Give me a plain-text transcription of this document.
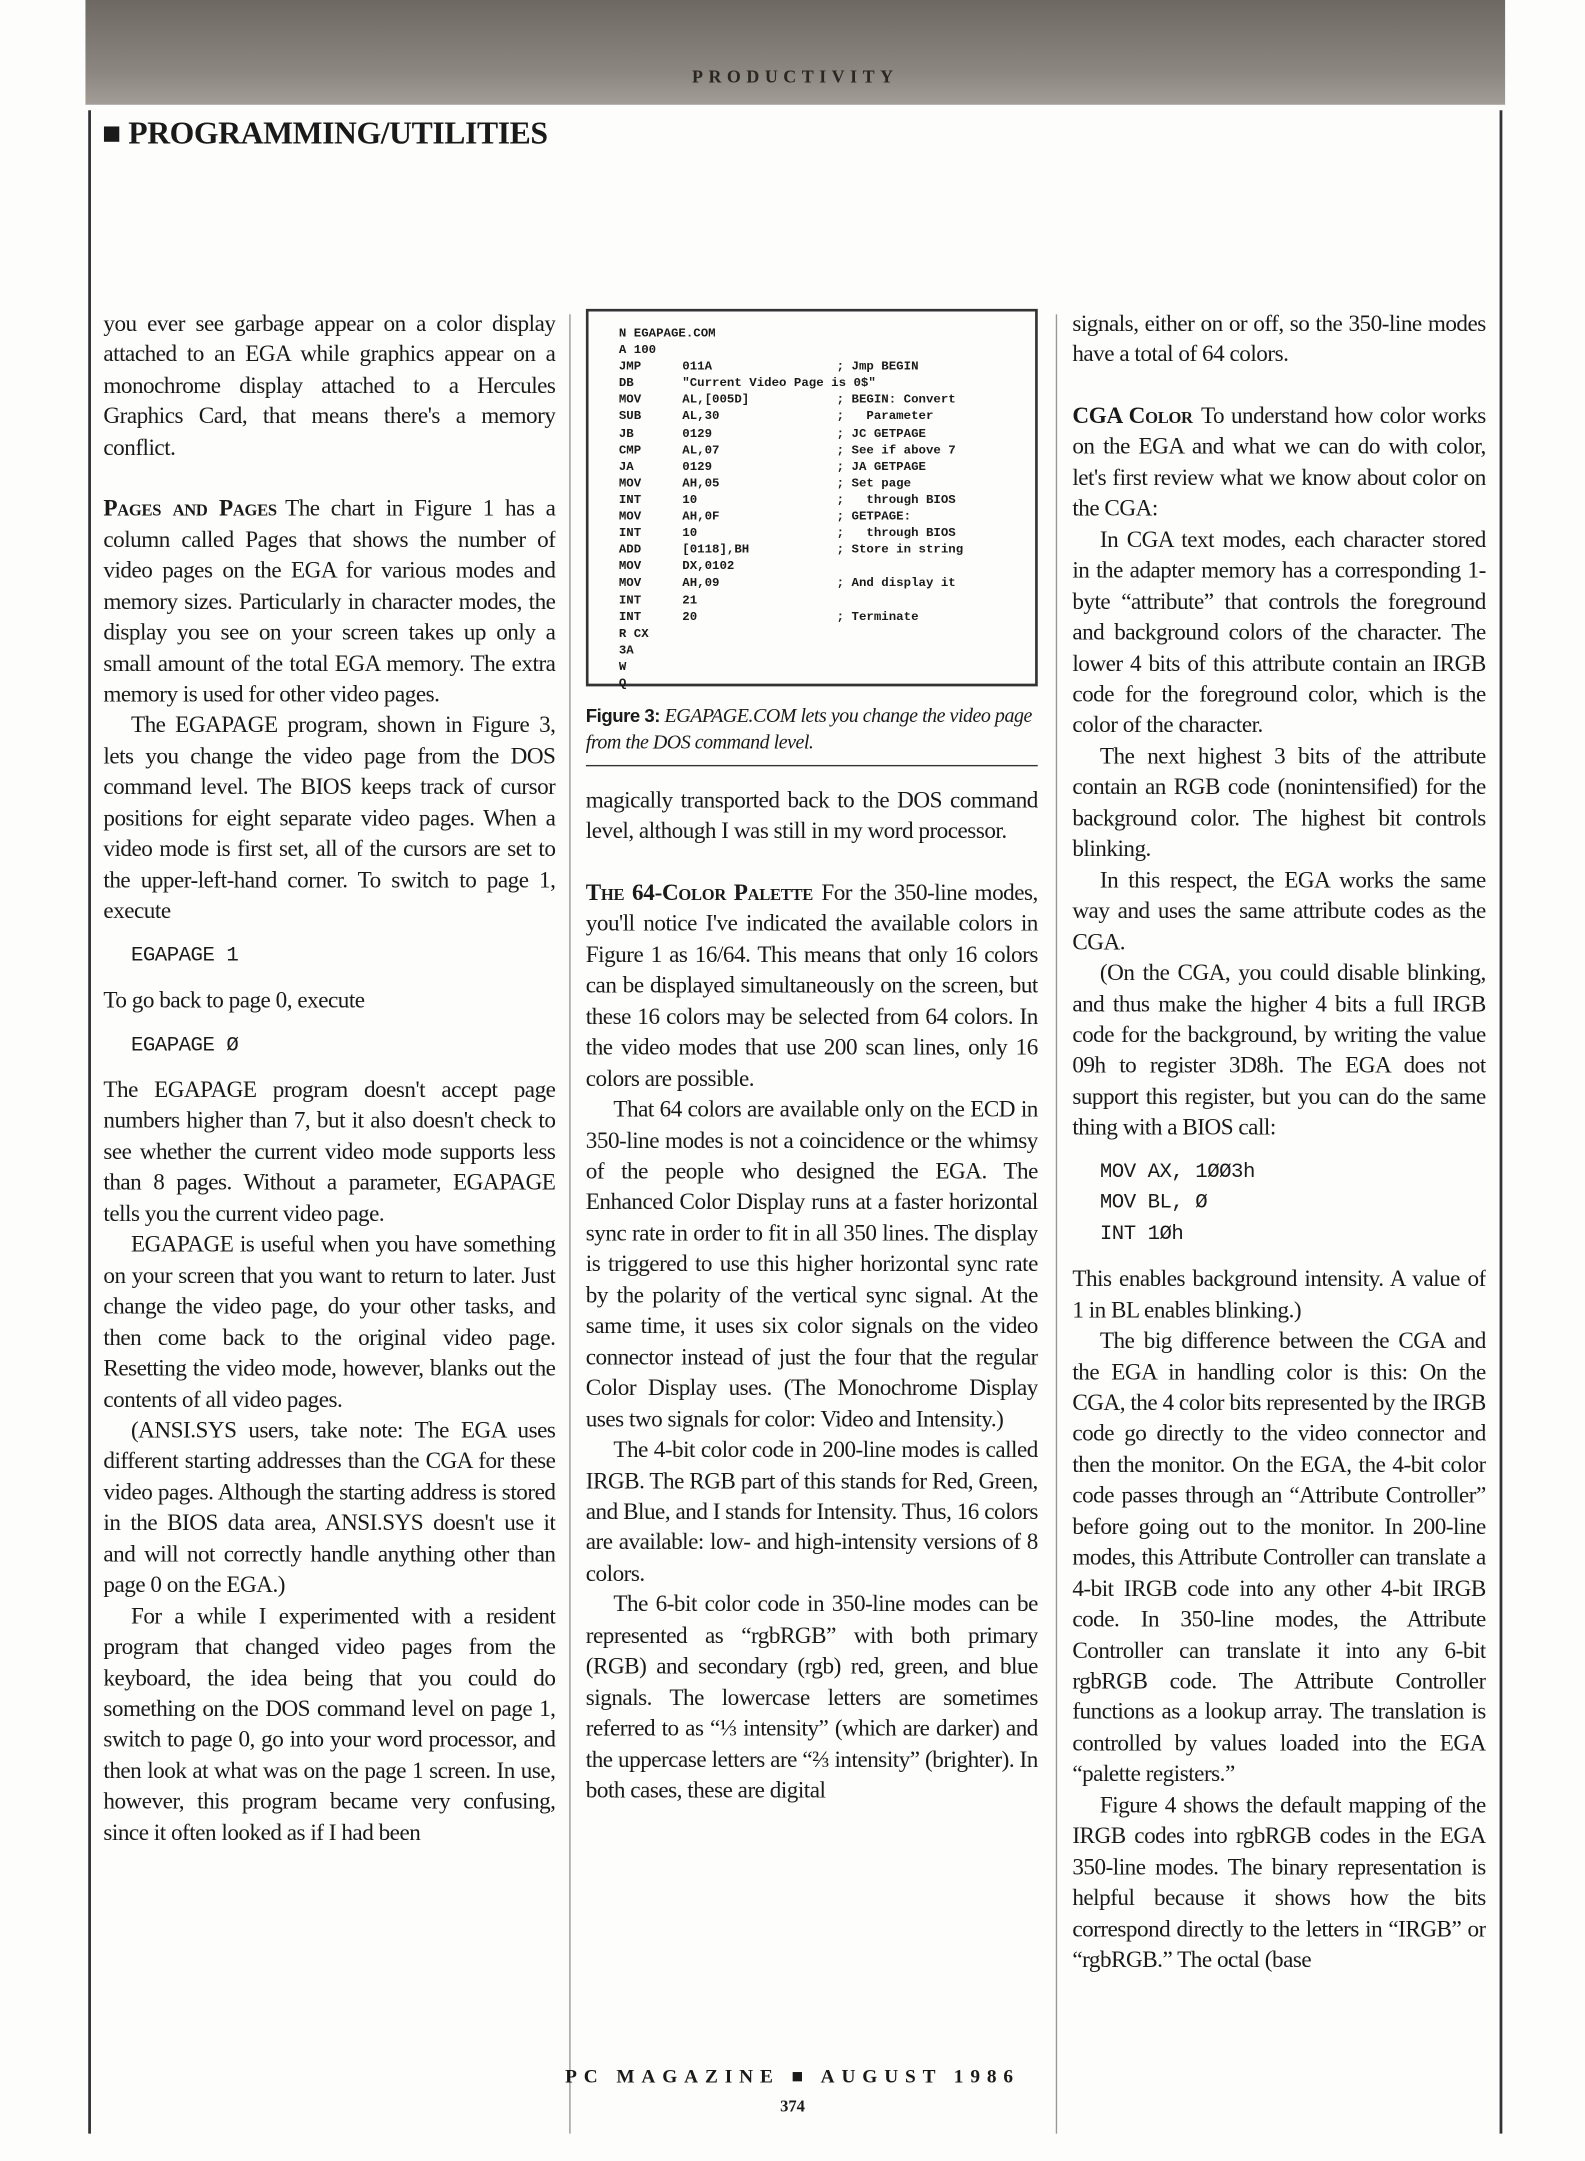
PRODUCTIVITY
■ PROGRAMMING/UTILITIES

you ever see garbage appear on a color display attached to an EGA while graphics appear on a monochrome display attached to a Hercules Graphics Card, that means there's a memory conflict.

Pages and Pages The chart in Figure 1 has a column called Pages that shows the number of video pages on the EGA for various modes and memory sizes. Particularly in character modes, the display you see on your screen takes up only a small amount of the total EGA memory. The extra memory is used for other video pages.

The EGAPAGE program, shown in Figure 3, lets you change the video page from the DOS command level. The BIOS keeps track of cursor positions for eight separate video pages. When a video mode is first set, all of the cursors are set to the upper-left-hand corner. To switch to page 1, execute

EGAPAGE 1

To go back to page 0, execute

EGAPAGE Ø

The EGAPAGE program doesn't accept page numbers higher than 7, but it also doesn't check to see whether the current video mode supports less than 8 pages. Without a parameter, EGAPAGE tells you the current video page.

EGAPAGE is useful when you have something on your screen that you want to return to later. Just change the video page, do your other tasks, and then come back to the original video page. Resetting the video mode, however, blanks out the contents of all video pages.

(ANSI.SYS users, take note: The EGA uses different starting addresses than the CGA for these video pages. Although the starting address is stored in the BIOS data area, ANSI.SYS doesn't use it and will not correctly handle anything other than page 0 on the EGA.)

For a while I experimented with a resident program that changed video pages from the keyboard, the idea being that you could do something on the DOS command level on page 1, switch to page 0, go into your word processor, and then look at what was on the page 1 screen. In use, however, this program became very confusing, since it often looked as if I had been

N EGAPAGE.COM
A 100
JMP	011A	; Jmp BEGIN
DB	"Current Video Page is 0$"
MOV	AL,[005D]	; BEGIN: Convert
SUB	AL,30	;   Parameter
JB	0129	; JC GETPAGE
CMP	AL,07	; See if above 7
JA	0129	; JA GETPAGE
MOV	AH,05	; Set page
INT	10	;   through BIOS
MOV	AH,0F	; GETPAGE:
INT	10	;   through BIOS
ADD	[0118],BH	; Store in string
MOV	DX,0102
MOV	AH,09	; And display it
INT	21
INT	20	; Terminate
R CX
3A
W
Q
Figure 3: EGAPAGE.COM lets you change the video page from the DOS command level.

magically transported back to the DOS command level, although I was still in my word processor.

The 64-Color Palette For the 350-line modes, you'll notice I've indicated the available colors in Figure 1 as 16/64. This means that only 16 colors can be displayed simultaneously on the screen, but these 16 colors may be selected from 64 colors. In the video modes that use 200 scan lines, only 16 colors are possible.

That 64 colors are available only on the ECD in 350-line modes is not a coincidence or the whimsy of the people who designed the EGA. The Enhanced Color Display runs at a faster horizontal sync rate in order to fit in all 350 lines. The display is triggered to use this higher horizontal sync rate by the polarity of the vertical sync signal. At the same time, it uses six color signals on the video connector instead of just the four that the regular Color Display uses. (The Monochrome Display uses two signals for color: Video and Intensity.)

The 4-bit color code in 200-line modes is called IRGB. The RGB part of this stands for Red, Green, and Blue, and I stands for Intensity. Thus, 16 colors are available: low- and high-intensity versions of 8 colors.

The 6-bit color code in 350-line modes can be represented as “rgbRGB” with both primary (RGB) and secondary (rgb) red, green, and blue signals. The lowercase letters are sometimes referred to as “⅓ intensity” (which are darker) and the uppercase letters are “⅔ intensity” (brighter). In both cases, these are digital

signals, either on or off, so the 350-line modes have a total of 64 colors.

CGA Color To understand how color works on the EGA and what we can do with color, let's first review what we know about color on the CGA:

In CGA text modes, each character stored in the adapter memory has a corresponding 1-byte “attribute” that controls the foreground and background colors of the character. The lower 4 bits of this attribute contain an IRGB code for the foreground color, which is the color of the character.

The next highest 3 bits of the attribute contain an RGB code (nonintensified) for the background color. The highest bit controls blinking.

In this respect, the EGA works the same way and uses the same attribute codes as the CGA.

(On the CGA, you could disable blinking, and thus make the higher 4 bits a full IRGB code for the background, by writing the value 09h to register 3D8h. The EGA does not support this register, but you can do the same thing with a BIOS call:

MOV AX, 1ØØ3h
MOV BL, Ø
INT 1Øh

This enables background intensity. A value of 1 in BL enables blinking.)

The big difference between the CGA and the EGA in handling color is this: On the CGA, the 4 color bits represented by the IRGB code go directly to the video connector and then the monitor. On the EGA, the 4-bit color code passes through an “Attribute Controller” before going out to the monitor. In 200-line modes, this Attribute Controller can translate a 4-bit IRGB code into any other 4-bit IRGB code. In 350-line modes, the Attribute Controller can translate it into any 6-bit rgbRGB code. The Attribute Controller functions as a lookup array. The translation is controlled by values loaded into the EGA “palette registers.”

Figure 4 shows the default mapping of the IRGB codes into rgbRGB codes in the EGA 350-line modes. The binary representation is helpful because it shows how the bits correspond directly to the letters in “IRGB” or “rgbRGB.” The octal (base

PC MAGAZINE ■ AUGUST 1986
374
